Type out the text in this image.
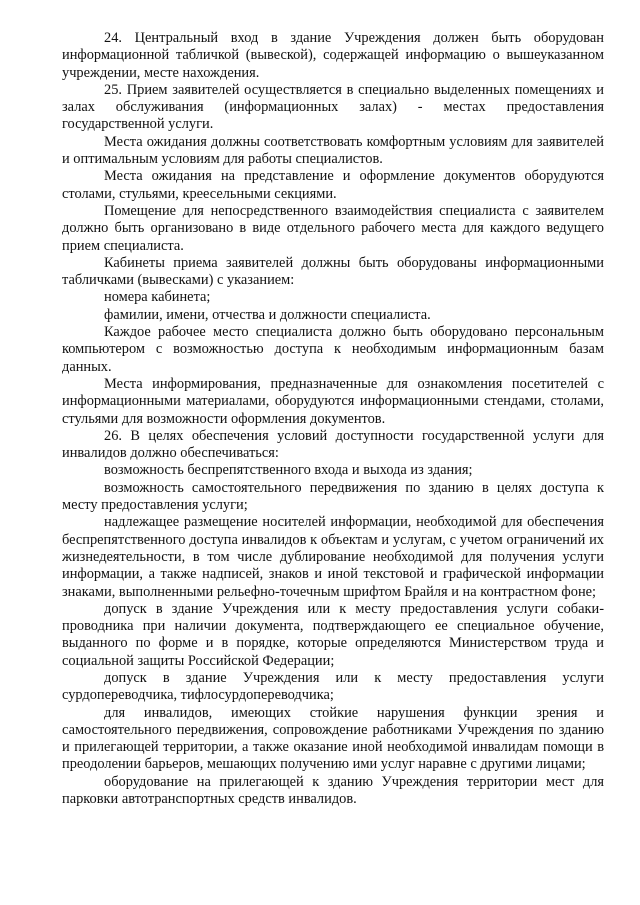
24. Центральный вход в здание Учреждения должен быть оборудован информационной табличкой (вывеской), содержащей информацию о вышеуказанном учреждении, месте нахождения.

25. Прием заявителей осуществляется в специально выделенных помещениях и залах обслуживания (информационных залах) - местах предоставления государственной услуги.

Места ожидания должны соответствовать комфортным условиям для заявителей и оптимальным условиям для работы специалистов.

Места ожидания на представление и оформление документов оборудуются столами, стульями, креесельными секциями.

Помещение для непосредственного взаимодействия специалиста с заявителем должно быть организовано в виде отдельного рабочего места для каждого ведущего прием специалиста.

Кабинеты приема заявителей должны быть оборудованы информационными табличками (вывесками) с указанием:

номера кабинета;

фамилии, имени, отчества и должности специалиста.

Каждое рабочее место специалиста должно быть оборудовано персональным компьютером с возможностью доступа к необходимым информационным базам данных.

Места информирования, предназначенные для ознакомления посетителей с информационными материалами, оборудуются информационными стендами, столами, стульями для возможности оформления документов.

26. В целях обеспечения условий доступности государственной услуги для инвалидов должно обеспечиваться:

возможность беспрепятственного входа и выхода из здания;

возможность самостоятельного передвижения по зданию в целях доступа к месту предоставления услуги;

надлежащее размещение носителей информации, необходимой для обеспечения беспрепятственного доступа инвалидов к объектам и услугам, с учетом ограничений их жизнедеятельности, в том числе дублирование необходимой для получения услуги информации, а также надписей, знаков и иной текстовой и графической информации знаками, выполненными рельефно-точечным шрифтом Брайля и на контрастном фоне;

допуск в здание Учреждения или к месту предоставления услуги собаки-проводника при наличии документа, подтверждающего ее специальное обучение, выданного по форме и в порядке, которые определяются Министерством труда и социальной защиты Российской Федерации;

допуск в здание Учреждения или к месту предоставления услуги сурдопереводчика, тифлосурдопереводчика;

для инвалидов, имеющих стойкие нарушения функции зрения и самостоятельного передвижения, сопровождение работниками Учреждения по зданию и прилегающей территории, а также оказание иной необходимой инвалидам помощи в преодолении барьеров, мешающих получению ими услуг наравне с другими лицами;

оборудование на прилегающей к зданию Учреждения территории мест для парковки автотранспортных средств инвалидов.
